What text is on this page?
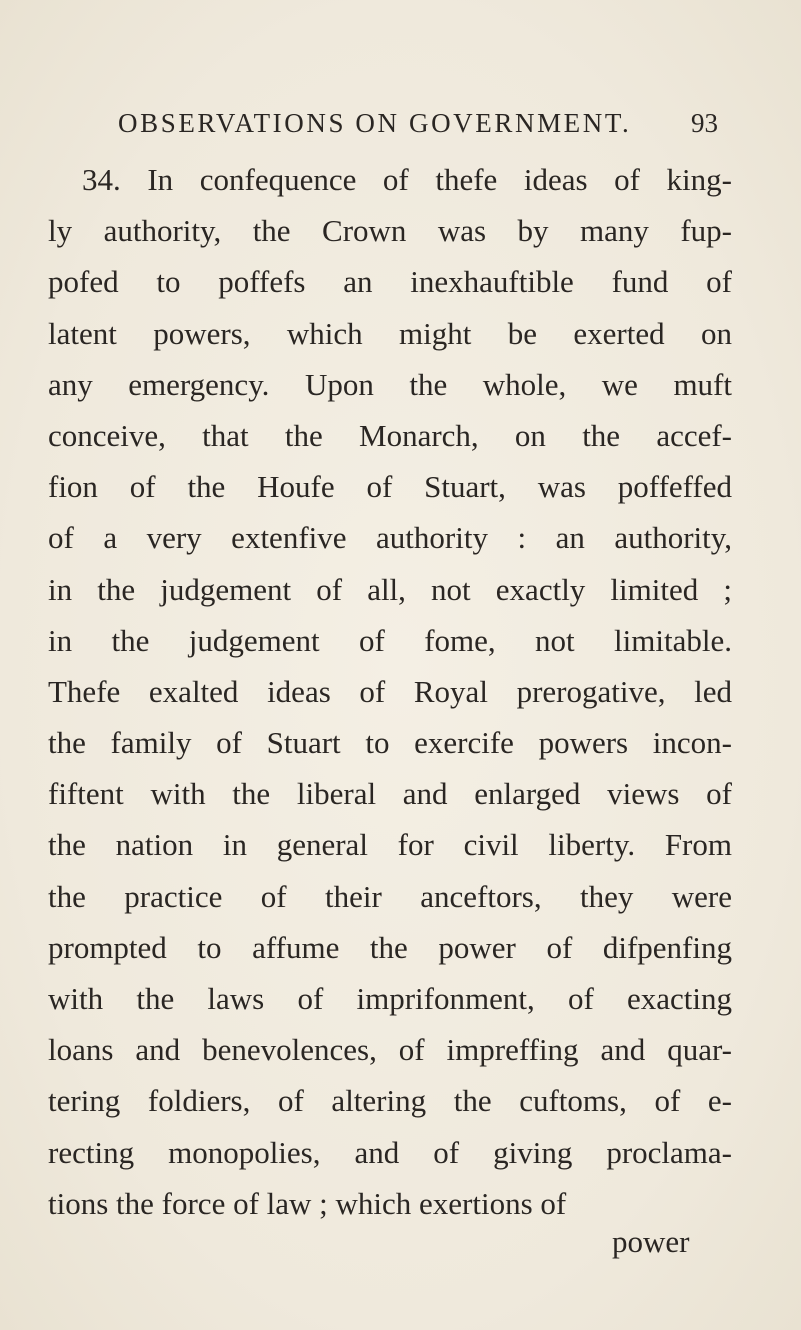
OBSERVATIONS ON GOVERNMENT. 93
34. In confequence of thefe ideas of king-
ly authority, the Crown was by many fup-
pofed to poffefs an inexhauftible fund of
latent powers, which might be exerted on
any emergency. Upon the whole, we muft
conceive, that the Monarch, on the accef-
fion of the Houfe of Stuart, was poffeffed
of a very extenfive authority : an authority,
in the judgement of all, not exactly limited ;
in the judgement of fome, not limitable.
Thefe exalted ideas of Royal prerogative, led
the family of Stuart to exercife powers incon-
fiftent with the liberal and enlarged views of
the nation in general for civil liberty. From
the practice of their anceftors, they were
prompted to affume the power of difpenfing
with the laws of imprifonment, of exacting
loans and benevolences, of impreffing and quar-
tering foldiers, of altering the cuftoms, of e-
recting monopolies, and of giving proclama-
tions the force of law ; which exertions of
power
